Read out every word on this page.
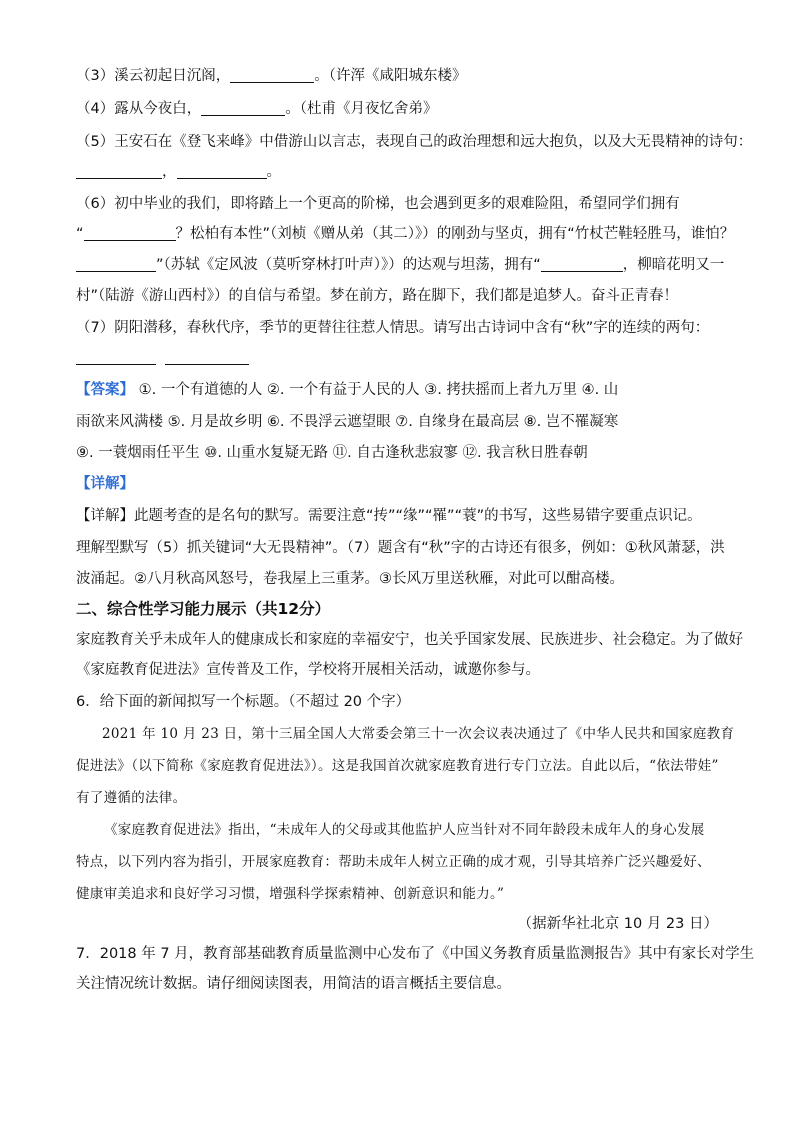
（3）溪云初起日沉阁，	。（许浑《咸阳城东楼》
（4）露从今夜白，	。（杜甫《月夜忆舍弟》
（5）王安石在《登飞来峰》中借游山以言志，表现自己的政治理想和远大抱负，以及大无畏精神的诗句：
，	。
（6）初中毕业的我们，即将踏上一个更高的阶梯，也会遇到更多的艰难险阻，希望同学们拥有
“	？松柏有本性”（刘桢《赠从弟（其二）》）的刚劲与坚贞，拥有“竹杖芒鞋轻胜马，谁怕？
”（苏轼《定风波（莫听穿林打叶声）》）的达观与坦荡，拥有“	，柳暗花明又一
村”（陆游《游山西村》）的自信与希望。梦在前方，路在脚下，我们都是追梦人。奋斗正青春！
（7）阴阳潜移，春秋代序，季节的更替往往惹人情思。请写出古诗词中含有“秋”字的连续的两句：

【答案】 ①. 一个有道德的人 ②. 一个有益于人民的人 ③. 拷扶摇而上者九万里 ④. 山
雨欲来风满楼 ⑤. 月是故乡明 ⑥. 不畏浮云遮望眼 ⑦. 自缘身在最高层 ⑧. 岂不罹凝寒
⑨. 一蓑烟雨任平生 ⑩. 山重水复疑无路 ⑪. 自古逢秋悲寂寥 ⑫. 我言秋日胜春朝
【详解】
【详解】此题考查的是名句的默写。需要注意“抟”“缘”“罹”“蓑”的书写，这些易错字要重点识记。
理解型默写（5）抓关键词“大无畏精神”。（7）题含有“秋”字的古诗还有很多，例如：①秋风萧瑟，洪
波涌起。②八月秋高风怒号，卷我屋上三重茅。③长风万里送秋雁，对此可以酣高楼。
二、综合性学习能力展示（共12分）
家庭教育关乎未成年人的健康成长和家庭的幸福安宁，也关乎国家发展、民族进步、社会稳定。为了做好
《家庭教育促进法》宣传普及工作，学校将开展相关活动，诚邀你参与。
6．给下面的新闻拟写一个标题。（不超过 20 个字）
2021 年 10 月 23 日，第十三届全国人大常委会第三十一次会议表决通过了《中华人民共和国家庭教育
促进法》（以下简称《家庭教育促进法》）。这是我国首次就家庭教育进行专门立法。自此以后，“依法带娃”
有了遵循的法律。
《家庭教育促进法》指出，“未成年人的父母或其他监护人应当针对不同年龄段未成年人的身心发展
特点，以下列内容为指引，开展家庭教育：帮助未成年人树立正确的成才观，引导其培养广泛兴趣爱好、
健康审美追求和良好学习习惯，增强科学探索精神、创新意识和能力。”
（据新华社北京 10 月 23 日）
7．2018 年 7 月，教育部基础教育质量监测中心发布了《中国义务教育质量监测报告》其中有家长对学生
关注情况统计数据。请仔细阅读图表，用简洁的语言概括主要信息。
